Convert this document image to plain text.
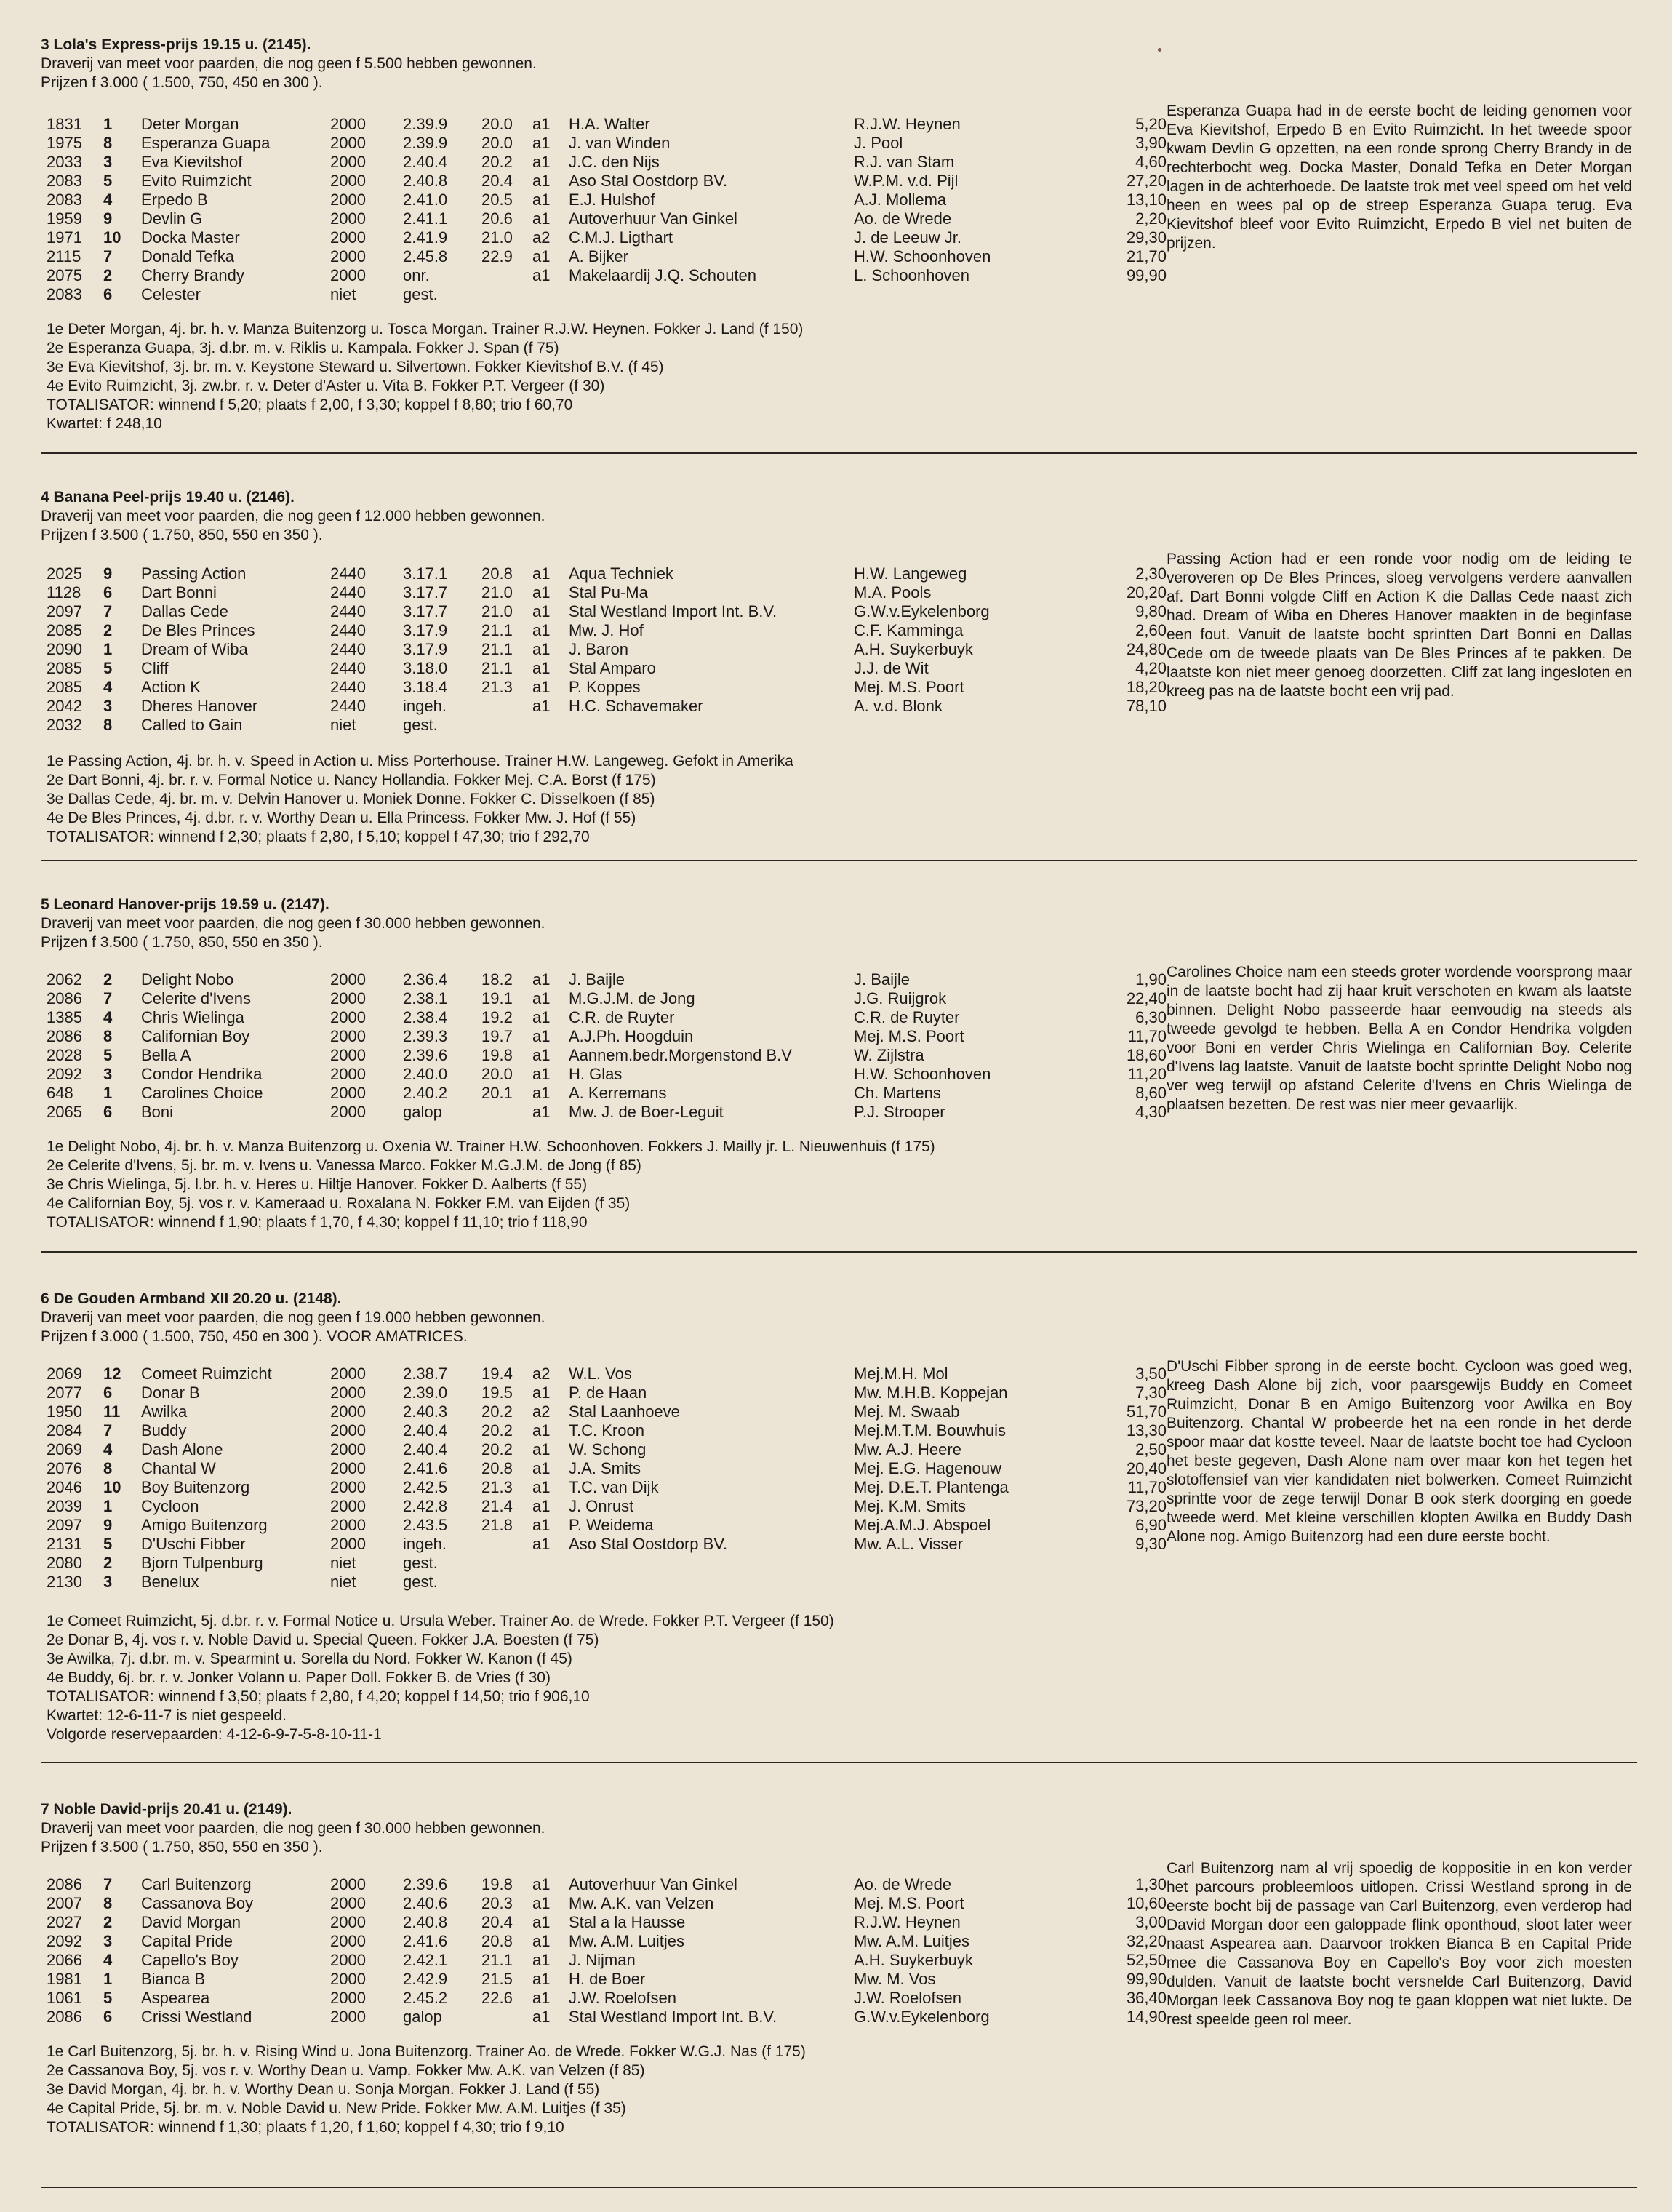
3 Lola's Express-prijs 19.15 u. (2145).
Draverij van meet voor paarden, die nog geen f 5.500 hebben gewonnen.
Prijzen f 3.000 ( 1.500, 750, 450 en 300 ).
1831 1 Deter Morgan	2000 2.39.9 20.0 a1 H.A. Walter	R.J.W. Heynen	5,20
1975 8 Esperanza Guapa	2000 2.39.9 20.0 a1 J. van Winden	J. Pool	3,90
2033 3 Eva Kievitshof	2000 2.40.4 20.2 a1 J.C. den Nijs	R.J. van Stam	4,60
2083 5 Evito Ruimzicht	2000 2.40.8 20.4 a1 Aso Stal Oostdorp BV.	W.P.M. v.d. Pijl	27,20
2083 4 Erpedo B	2000 2.41.0 20.5 a1 E.J. Hulshof	A.J. Mollema	13,10
1959 9 Devlin G	2000 2.41.1 20.6 a1 Autoverhuur Van Ginkel	Ao. de Wrede	2,20
1971 10 Docka Master	2000 2.41.9 21.0 a2 C.M.J. Ligthart	J. de Leeuw Jr.	29,30
2115 7 Donald Tefka	2000 2.45.8 22.9 a1 A. Bijker	H.W. Schoonhoven	21,70
2075 2 Cherry Brandy	2000 onr.	a1 Makelaardij J.Q. Schouten	L. Schoonhoven	99,90
2083 6 Celester	niet	gest.
Esperanza Guapa had in de eerste bocht de leiding genomen voor Eva Kievitshof, Erpedo B en Evito Ruimzicht. In het tweede spoor kwam Devlin G opzetten, na een ronde sprong Cherry Brandy in de rechterbocht weg. Docka Master, Donald Tefka en Deter Morgan lagen in de achterhoede. De laatste trok met veel speed om het veld heen en wees pal op de streep Esperanza Guapa terug. Eva Kievitshof bleef voor Evito Ruimzicht, Erpedo B viel net buiten de prijzen.
1e Deter Morgan, 4j. br. h. v. Manza Buitenzorg u. Tosca Morgan. Trainer R.J.W. Heynen. Fokker J. Land (f 150)
2e Esperanza Guapa, 3j. d.br. m. v. Riklis u. Kampala. Fokker J. Span (f 75)
3e Eva Kievitshof, 3j. br. m. v. Keystone Steward u. Silvertown. Fokker Kievitshof B.V. (f 45)
4e Evito Ruimzicht, 3j. zw.br. r. v. Deter d'Aster u. Vita B. Fokker P.T. Vergeer (f 30)
TOTALISATOR: winnend f 5,20; plaats f 2,00, f 3,30; koppel f 8,80; trio f 60,70
Kwartet: f 248,10
4 Banana Peel-prijs 19.40 u. (2146).
Draverij van meet voor paarden, die nog geen f 12.000 hebben gewonnen.
Prijzen f 3.500 ( 1.750, 850, 550 en 350 ).
2025 9 Passing Action	2440 3.17.1 20.8 a1 Aqua Techniek	H.W. Langeweg	2,30
1128 6 Dart Bonni	2440 3.17.7 21.0 a1 Stal Pu-Ma	M.A. Pools	20,20
2097 7 Dallas Cede	2440 3.17.7 21.0 a1 Stal Westland Import Int. B.V.	G.W.v.Eykelenborg	9,80
2085 2 De Bles Princes	2440 3.17.9 21.1 a1 Mw. J. Hof	C.F. Kamminga	2,60
2090 1 Dream of Wiba	2440 3.17.9 21.1 a1 J. Baron	A.H. Suykerbuyk	24,80
2085 5 Cliff	2440 3.18.0 21.1 a1 Stal Amparo	J.J. de Wit	4,20
2085 4 Action K	2440 3.18.4 21.3 a1 P. Koppes	Mej. M.S. Poort	18,20
2042 3 Dheres Hanover	2440 ingeh.	a1 H.C. Schavemaker	A. v.d. Blonk	78,10
2032 8 Called to Gain	niet	gest.
Passing Action had er een ronde voor nodig om de leiding te veroveren op De Bles Princes, sloeg vervolgens verdere aanvallen af. Dart Bonni volgde Cliff en Action K die Dallas Cede naast zich had. Dream of Wiba en Dheres Hanover maakten in de beginfase een fout. Vanuit de laatste bocht sprintten Dart Bonni en Dallas Cede om de tweede plaats van De Bles Princes af te pakken. De laatste kon niet meer genoeg doorzetten. Cliff zat lang ingesloten en kreeg pas na de laatste bocht een vrij pad.
1e Passing Action, 4j. br. h. v. Speed in Action u. Miss Porterhouse. Trainer H.W. Langeweg. Gefokt in Amerika
2e Dart Bonni, 4j. br. r. v. Formal Notice u. Nancy Hollandia. Fokker Mej. C.A. Borst (f 175)
3e Dallas Cede, 4j. br. m. v. Delvin Hanover u. Moniek Donne. Fokker C. Disselkoen (f 85)
4e De Bles Princes, 4j. d.br. r. v. Worthy Dean u. Ella Princess. Fokker Mw. J. Hof (f 55)
TOTALISATOR: winnend f 2,30; plaats f 2,80, f 5,10; koppel f 47,30; trio f 292,70
5 Leonard Hanover-prijs 19.59 u. (2147).
Draverij van meet voor paarden, die nog geen f 30.000 hebben gewonnen.
Prijzen f 3.500 ( 1.750, 850, 550 en 350 ).
2062 2 Delight Nobo	2000 2.36.4 18.2 a1 J. Baijle	J. Baijle	1,90
2086 7 Celerite d'Ivens	2000 2.38.1 19.1 a1 M.G.J.M. de Jong	J.G. Ruijgrok	22,40
1385 4 Chris Wielinga	2000 2.38.4 19.2 a1 C.R. de Ruyter	C.R. de Ruyter	6,30
2086 8 Californian Boy	2000 2.39.3 19.7 a1 A.J.Ph. Hoogduin	Mej. M.S. Poort	11,70
2028 5 Bella A	2000 2.39.6 19.8 a1 Aannem.bedr.Morgenstond B.V	W. Zijlstra	18,60
2092 3 Condor Hendrika	2000 2.40.0 20.0 a1 H. Glas	H.W. Schoonhoven	11,20
648 1 Carolines Choice	2000 2.40.2 20.1 a1 A. Kerremans	Ch. Martens	8,60
2065 6 Boni	2000 galop	a1 Mw. J. de Boer-Leguit	P.J. Strooper	4,30
Carolines Choice nam een steeds groter wordende voorsprong maar in de laatste bocht had zij haar kruit verschoten en kwam als laatste binnen. Delight Nobo passeerde haar eenvoudig na steeds als tweede gevolgd te hebben. Bella A en Condor Hendrika volgden voor Boni en verder Chris Wielinga en Californian Boy. Celerite d'Ivens lag laatste. Vanuit de laatste bocht sprintte Delight Nobo nog ver weg terwijl op afstand Celerite d'Ivens en Chris Wielinga de plaatsen bezetten. De rest was nier meer gevaarlijk.
1e Delight Nobo, 4j. br. h. v. Manza Buitenzorg u. Oxenia W. Trainer H.W. Schoonhoven. Fokkers J. Mailly jr. L. Nieuwenhuis (f 175)
2e Celerite d'Ivens, 5j. br. m. v. Ivens u. Vanessa Marco. Fokker M.G.J.M. de Jong (f 85)
3e Chris Wielinga, 5j. l.br. h. v. Heres u. Hiltje Hanover. Fokker D. Aalberts (f 55)
4e Californian Boy, 5j. vos r. v. Kameraad u. Roxalana N. Fokker F.M. van Eijden (f 35)
TOTALISATOR: winnend f 1,90; plaats f 1,70, f 4,30; koppel f 11,10; trio f 118,90
6 De Gouden Armband XII 20.20 u. (2148).
Draverij van meet voor paarden, die nog geen f 19.000 hebben gewonnen.
Prijzen f 3.000 ( 1.500, 750, 450 en 300 ). VOOR AMATRICES.
2069 12 Comeet Ruimzicht	2000 2.38.7 19.4 a2 W.L. Vos	Mej.M.H. Mol	3,50
2077 6 Donar B	2000 2.39.0 19.5 a1 P. de Haan	Mw. M.H.B. Koppejan	7,30
1950 11 Awilka	2000 2.40.3 20.2 a2 Stal Laanhoeve	Mej. M. Swaab	51,70
2084 7 Buddy	2000 2.40.4 20.2 a1 T.C. Kroon	Mej.M.T.M. Bouwhuis	13,30
2069 4 Dash Alone	2000 2.40.4 20.2 a1 W. Schong	Mw. A.J. Heere	2,50
2076 8 Chantal W	2000 2.41.6 20.8 a1 J.A. Smits	Mej. E.G. Hagenouw	20,40
2046 10 Boy Buitenzorg	2000 2.42.5 21.3 a1 T.C. van Dijk	Mej. D.E.T. Plantenga	11,70
2039 1 Cycloon	2000 2.42.8 21.4 a1 J. Onrust	Mej. K.M. Smits	73,20
2097 9 Amigo Buitenzorg	2000 2.43.5 21.8 a1 P. Weidema	Mej.A.M.J. Abspoel	6,90
2131 5 D'Uschi Fibber	2000 ingeh.	a1 Aso Stal Oostdorp BV.	Mw. A.L. Visser	9,30
2080 2 Bjorn Tulpenburg	niet	gest.
2130 3 Benelux	niet	gest.
D'Uschi Fibber sprong in de eerste bocht. Cycloon was goed weg, kreeg Dash Alone bij zich, voor paarsgewijs Buddy en Comeet Ruimzicht, Donar B en Amigo Buitenzorg voor Awilka en Boy Buitenzorg. Chantal W probeerde het na een ronde in het derde spoor maar dat kostte teveel. Naar de laatste bocht toe had Cycloon het beste gegeven, Dash Alone nam over maar kon het tegen het slotoffensief van vier kandidaten niet bolwerken. Comeet Ruimzicht sprintte voor de zege terwijl Donar B ook sterk doorging en goede tweede werd. Met kleine verschillen klopten Awilka en Buddy Dash Alone nog. Amigo Buitenzorg had een dure eerste bocht.
1e Comeet Ruimzicht, 5j. d.br. r. v. Formal Notice u. Ursula Weber. Trainer Ao. de Wrede. Fokker P.T. Vergeer (f 150)
2e Donar B, 4j. vos r. v. Noble David u. Special Queen. Fokker J.A. Boesten (f 75)
3e Awilka, 7j. d.br. m. v. Spearmint u. Sorella du Nord. Fokker W. Kanon (f 45)
4e Buddy, 6j. br. r. v. Jonker Volann u. Paper Doll. Fokker B. de Vries (f 30)
TOTALISATOR: winnend f 3,50; plaats f 2,80, f 4,20; koppel f 14,50; trio f 906,10
Kwartet: 12-6-11-7 is niet gespeeld.
Volgorde reservepaarden: 4-12-6-9-7-5-8-10-11-1
7 Noble David-prijs 20.41 u. (2149).
Draverij van meet voor paarden, die nog geen f 30.000 hebben gewonnen.
Prijzen f 3.500 ( 1.750, 850, 550 en 350 ).
2086 7 Carl Buitenzorg	2000 2.39.6 19.8 a1 Autoverhuur Van Ginkel	Ao. de Wrede	1,30
2007 8 Cassanova Boy	2000 2.40.6 20.3 a1 Mw. A.K. van Velzen	Mej. M.S. Poort	10,60
2027 2 David Morgan	2000 2.40.8 20.4 a1 Stal a la Hausse	R.J.W. Heynen	3,00
2092 3 Capital Pride	2000 2.41.6 20.8 a1 Mw. A.M. Luitjes	Mw. A.M. Luitjes	32,20
2066 4 Capello's Boy	2000 2.42.1 21.1 a1 J. Nijman	A.H. Suykerbuyk	52,50
1981 1 Bianca B	2000 2.42.9 21.5 a1 H. de Boer	Mw. M. Vos	99,90
1061 5 Aspearea	2000 2.45.2 22.6 a1 J.W. Roelofsen	J.W. Roelofsen	36,40
2086 6 Crissi Westland	2000 galop	a1 Stal Westland Import Int. B.V.	G.W.v.Eykelenborg	14,90
Carl Buitenzorg nam al vrij spoedig de koppositie in en kon verder het parcours probleemloos uitlopen. Crissi Westland sprong in de eerste bocht bij de passage van Carl Buitenzorg, even verderop had David Morgan door een galoppade flink oponthoud, sloot later weer naast Aspearea aan. Daarvoor trokken Bianca B en Capital Pride mee die Cassanova Boy en Capello's Boy voor zich moesten dulden. Vanuit de laatste bocht versnelde Carl Buitenzorg, David Morgan leek Cassanova Boy nog te gaan kloppen wat niet lukte. De rest speelde geen rol meer.
1e Carl Buitenzorg, 5j. br. h. v. Rising Wind u. Jona Buitenzorg. Trainer Ao. de Wrede. Fokker W.G.J. Nas (f 175)
2e Cassanova Boy, 5j. vos r. v. Worthy Dean u. Vamp. Fokker Mw. A.K. van Velzen (f 85)
3e David Morgan, 4j. br. h. v. Worthy Dean u. Sonja Morgan. Fokker J. Land (f 55)
4e Capital Pride, 5j. br. m. v. Noble David u. New Pride. Fokker Mw. A.M. Luitjes (f 35)
TOTALISATOR: winnend f 1,30; plaats f 1,20, f 1,60; koppel f 4,30; trio f 9,10
